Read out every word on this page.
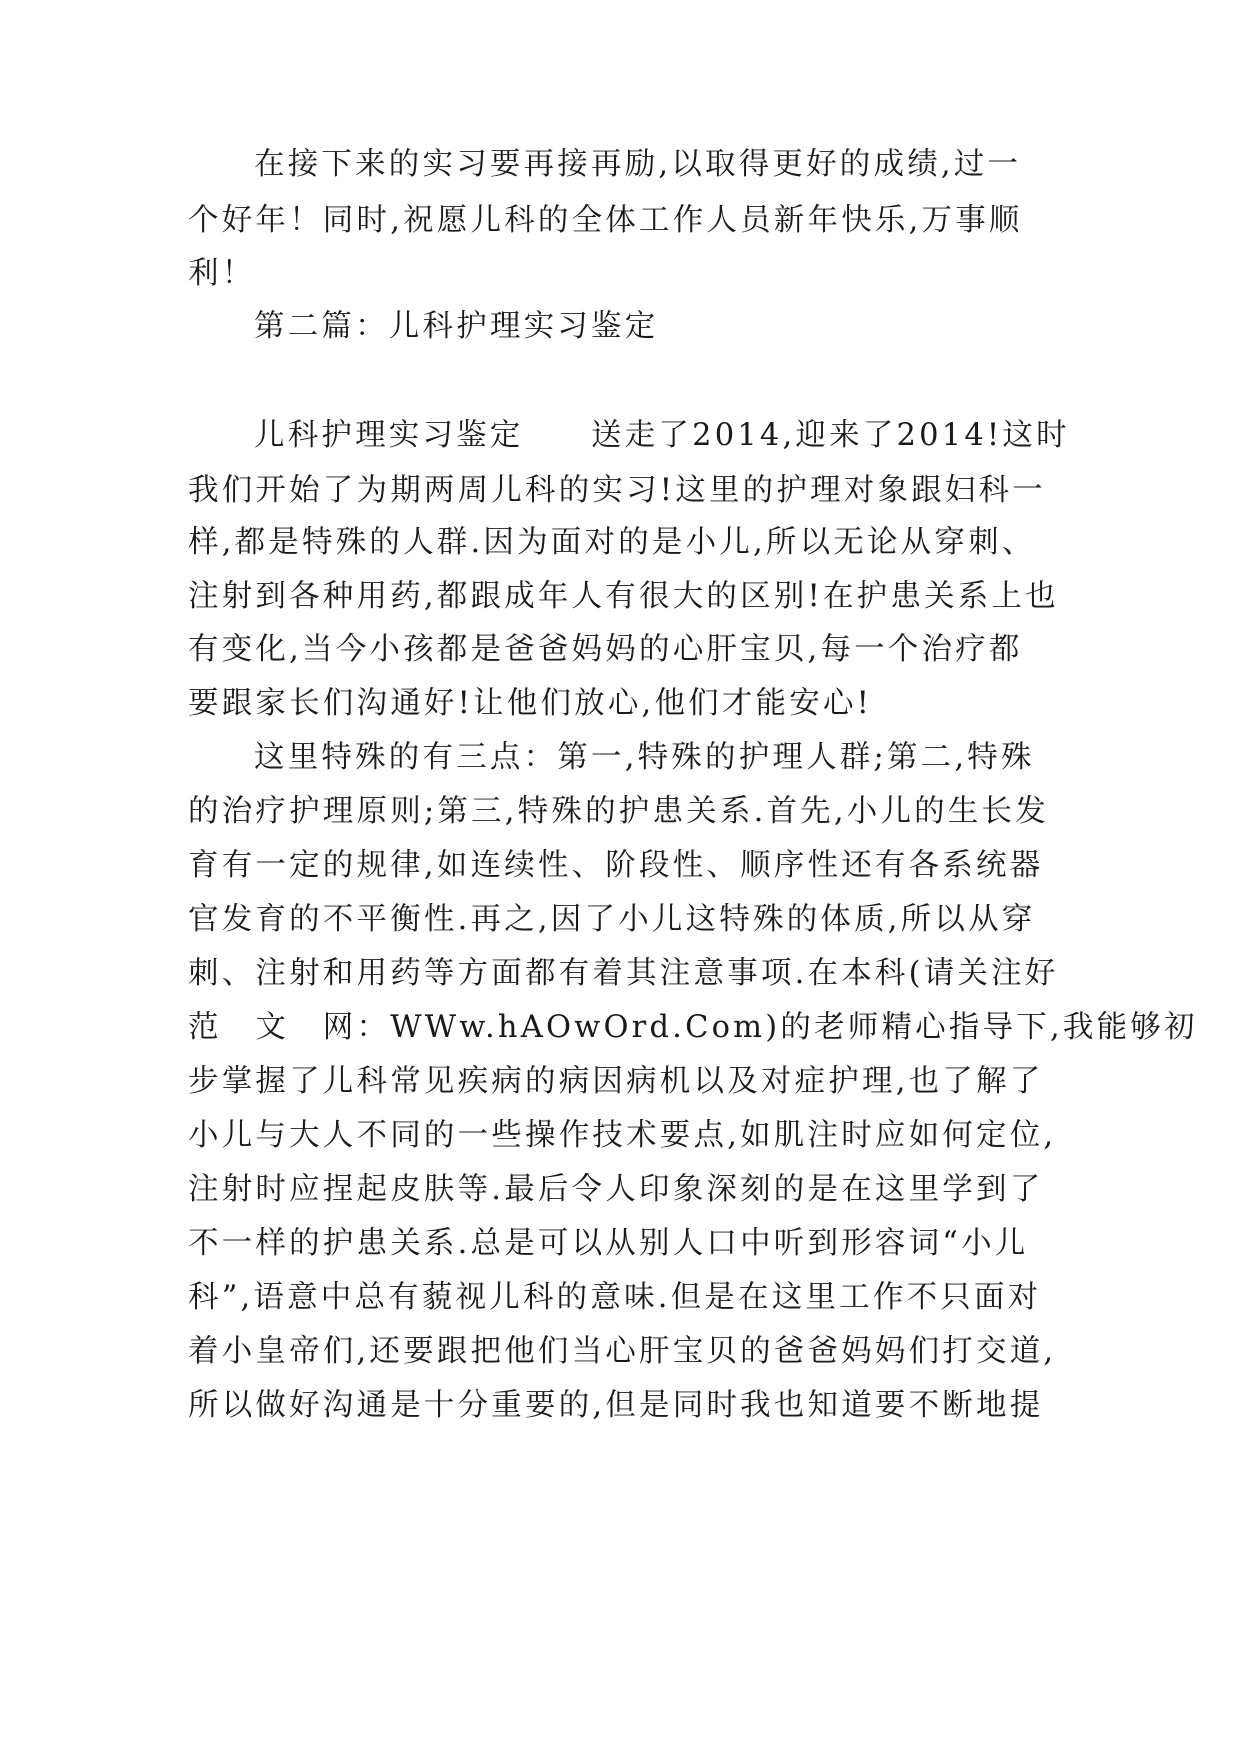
在接下来的实习要再接再励,以取得更好的成绩,过一
个好年！同时,祝愿儿科的全体工作人员新年快乐,万事顺
利！
第二篇：儿科护理实习鉴定
儿科护理实习鉴定　　送走了2014,迎来了2014!这时
我们开始了为期两周儿科的实习!这里的护理对象跟妇科一
样,都是特殊的人群.因为面对的是小儿,所以无论从穿刺、
注射到各种用药,都跟成年人有很大的区别!在护患关系上也
有变化,当今小孩都是爸爸妈妈的心肝宝贝,每一个治疗都
要跟家长们沟通好!让他们放心,他们才能安心!
这里特殊的有三点：第一,特殊的护理人群;第二,特殊
的治疗护理原则;第三,特殊的护患关系.首先,小儿的生长发
育有一定的规律,如连续性、阶段性、顺序性还有各系统器
官发育的不平衡性.再之,因了小儿这特殊的体质,所以从穿
刺、注射和用药等方面都有着其注意事项.在本科(请关注好
范　文　网：WWw.hAOwOrd.Com)的老师精心指导下,我能够初
步掌握了儿科常见疾病的病因病机以及对症护理,也了解了
小儿与大人不同的一些操作技术要点,如肌注时应如何定位,
注射时应捏起皮肤等.最后令人印象深刻的是在这里学到了
不一样的护患关系.总是可以从别人口中听到形容词“小儿
科”,语意中总有藐视儿科的意味.但是在这里工作不只面对
着小皇帝们,还要跟把他们当心肝宝贝的爸爸妈妈们打交道,
所以做好沟通是十分重要的,但是同时我也知道要不断地提
